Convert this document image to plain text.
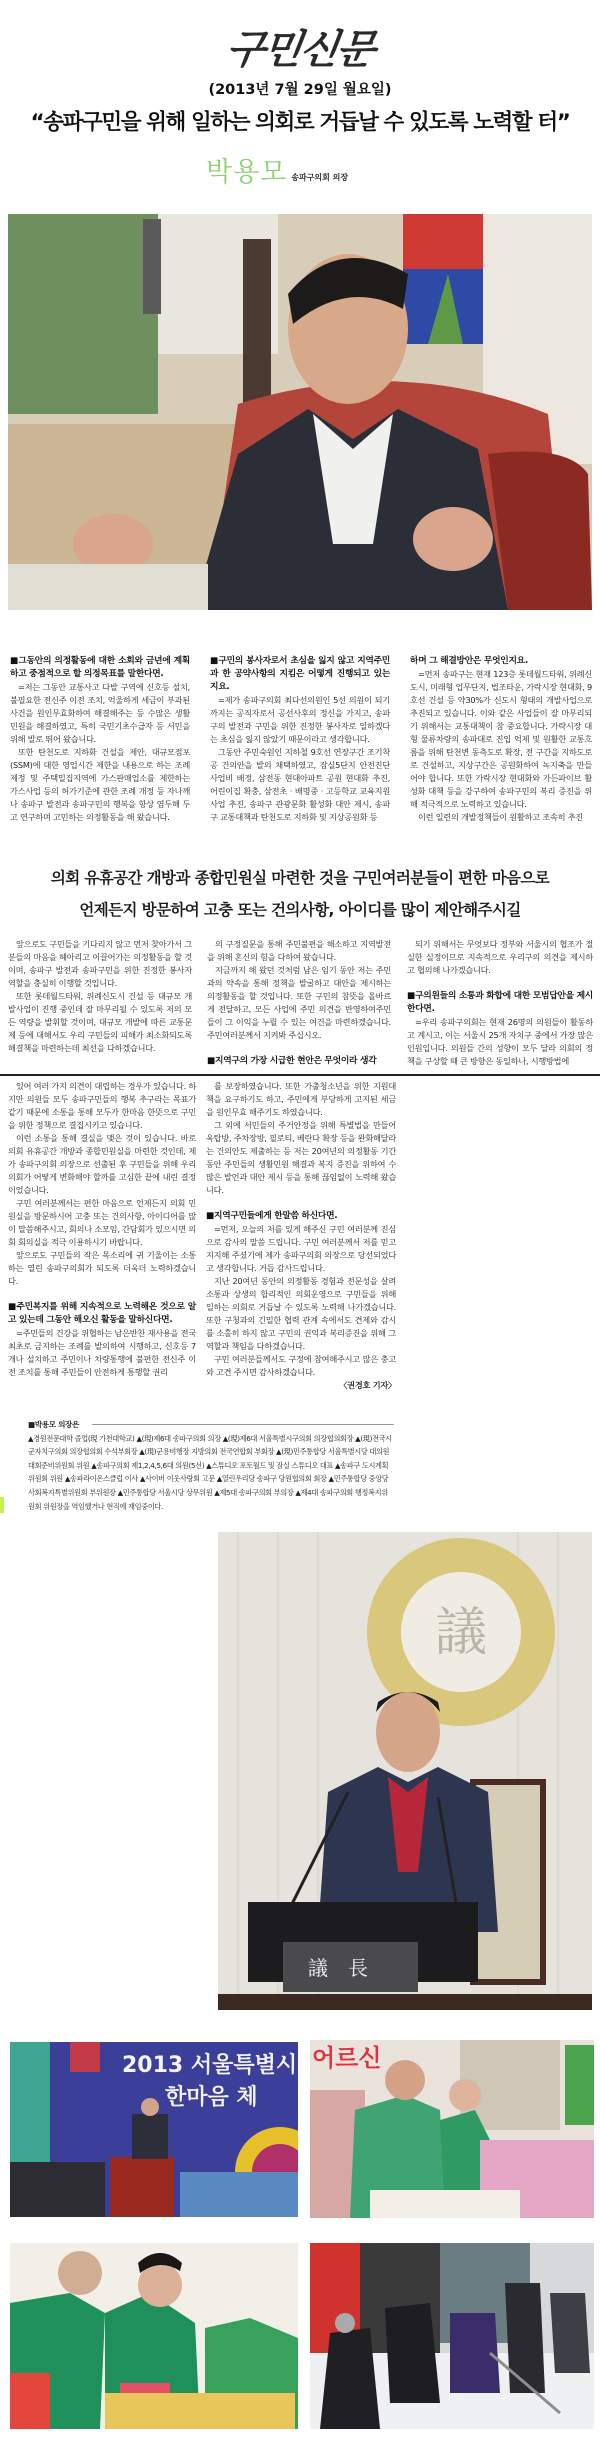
구민신문
(2013년 7월 29일 월요일)
“송파구민을 위해 일하는 의회로 거듭날 수 있도록 노력할 터”
박용모 송파구의회 의장
■그동안의 의정활동에 대한 소회와 금년에 계획하고 중점적으로 할 의정목표를 말한다면.

=저는 그동안 교통사고 다발 구역에 신호등 설치, 불필요한 전신주 이전 조치, 억울하게 세금이 부과된 사건을 원인무효화하여 해결해주는 등 수많은 생활민원을 해결하였고, 특히 국민기초수급자 등 서민을 위해 발로 뛰어 왔습니다.

또한 탄천도로 지하화 건설을 제안, 대규모점포(SSM)에 대한 영업시간 제한을 내용으로 하는 조례제정 및 주택밀집지역에 가스판매업소를 제한하는 가스사업 등의 허가기준에 관한 조례 개정 등 자나깨나 송파구 발전과 송파구민의 행복을 항상 염두해 두고 연구하며 고민하는 의정활동을 해 왔습니다.

■구민의 봉사자로서 초심을 잃지 않고 지역주민과 한 공약사항의 지킴은 어떻게 진행되고 있는지요.

=제가 송파구의회 최다선의원인 5선 의원이 되기까지는 공직자로서 공선사후의 정신을 가지고, 송파구의 발전과 구민을 위한 진정한 봉사자로 일하겠다는 초심을 잃지 않았기 때문이라고 생각합니다.

그동안 주민숙원인 지하철 9호선 연장구간 조기착공 건의안을 발의 채택하였고, 잠실5단지 안전진단 사업비 배정, 삼전동 현대아파트 공원 현대화 추진, 어린이집 확충, 삼전초 · 배명중 · 고등학교 교육지원사업 추진, 송파구 관광문화 활성화 대안 제시, 송파구 교통대책과 탄천도로 지하화 및 지상공원화 등

하며 그 해결방안은 무엇인지요.

=먼저 송파구는 현재 123층 롯데월드타워, 위례신도시, 미래형 업무단지, 법조타운, 가락시장 현대화, 9호선 건설 등 약30%가 신도시 형태의 개발사업으로 추진되고 있습니다. 이와 같은 사업들이 잘 마무리되기 위해서는 교통대책이 참 중요합니다. 가락시장 대형 물류차량의 송파대로 진입 억제 및 원활한 교통흐름을 위해 탄천변 동측도로 확장, 전 구간을 지하도로로 건설하고, 지상구간은 공원화하여 녹지축을 만들어야 합니다. 또한 가락시장 현대화와 가든파이브 활성화 대책 등을 강구하여 송파구민의 복리 증진을 위해 적극적으로 노력하고 있습니다.

이런 일련의 개발정책들이 원활하고 조속히 추진

의회 유휴공간 개방과 종합민원실 마련한 것을 구민여러분들이 편한 마음으로
언제든지 방문하여 고충 또는 건의사항, 아이디를 많이 제안해주시길

앞으로도 구민들을 기다리지 않고 먼저 찾아가서 그분들의 마음을 헤아리고 이끌어가는 의정활동을 할 것이며, 송파구 발전과 송파구민을 위한 진정한 봉사자 역할을 충실히 이행할 것입니다.

또한 롯데월드타워, 위례신도시 건설 등 대규모 개발사업이 진행 중인데 잘 마무리될 수 있도록 저의 모든 역량을 발휘할 것이며, 대규모 개발에 따른 교통문제 등에 대해서도 우리 구민들의 피해가 최소화되도록 해결책을 마련하는데 최선을 다하겠습니다.

의 구정질문을 통해 주민불편을 해소하고 지역발전을 위해 혼신의 힘을 다하여 왔습니다.

지금까지 해 왔던 것처럼 남은 임기 동안 저는 주민과의 약속을 통해 정책을 발굴하고 대안을 제시하는 의정활동을 할 것입니다. 또한 구민의 참뜻을 올바르게 전달하고, 모든 사업에 주민 의견을 반영하여주민들이 그 이익을 누릴 수 있는 여건을 마련하겠습니다. 주민여러분께서 지켜봐 주십시오.

■지역구의 가장 시급한 현안은 무엇이라 생각

되기 위해서는 무엇보다 정부와 서울시의 협조가 절실한 실정이므로 지속적으로 우리구의 의견을 제시하고 협의해 나가겠습니다.

■구의원들의 소통과 화합에 대한 모범답안을 제시한다면.

=우리 송파구의회는 현재 26명의 의원들이 활동하고 계시고, 이는 서울시 25개 자치구 중에서 가장 많은 인원입니다. 의원들 간의 성향이 모두 달라 의회의 정책을 구상할 때 큰 방향은 동일하나, 시행방법에

있어 여러 가지 의견이 대립하는 경우가 있습니다. 하지만 의원들 모두 송파구민들의 행복 추구라는 목표가 같기 때문에 소통을 통해 모두가 한마음 한뜻으로 구민을 위한 정책으로 결집시키고 있습니다.

이런 소통을 통해 결실을 맺은 것이 있습니다. 바로 의회 유휴공간 개방과 종합민원실을 마련한 것인데, 제가 송파구의회 의장으로 선출된 후 구민들을 위해 우리 의회가 어떻게 변화해야 할까를 고심한 끝에 내린 결정이었습니다.

구민 여러분께서는 편한 마음으로 언제든지 의회 민원실을 방문하시어 고충 또는 건의사항, 아이디어를 많이 말씀해주시고, 회의나 소모임, 간담회가 있으시면 의회 회의실을 적극 이용하시기 바랍니다.

앞으로도 구민들의 작은 목소리에 귀 기울이는 소통하는 열린 송파구의회가 되도록 더욱더 노력하겠습니다.

■주민복지를 위해 지속적으로 노력해온 것으로 알고 있는데 그동안 해오신 활동을 말하신다면.

=주민들의 건강을 위협하는 남은반찬 재사용을 전국 최초로 금지하는 조례를 발의하여 시행하고, 신호등 7개나 설치하고 주민이나 차량통행에 불편한 전신주 이전 조치를 통해 주민들이 안전하게 통행할 권리

를 보장하였습니다. 또한 가출청소년을 위한 지원대책을 요구하기도 하고, 주민에게 부당하게 고지된 세금을 원인무효 해주기도 하였습니다.

그 외에 서민들의 주거안정을 위해 특별법을 만들어 옥탑방, 주차장방, 필로티, 베란다 확장 등을 완화해달라는 건의안도 제출하는 등 저는 20여년의 의정활동 기간 동안 주민들의 생활민원 해결과 복지 증진을 위하여 수많은 발언과 대안 제시 등을 통해 끊임없이 노력해 왔습니다.

■지역구민들에게 한말씀 하신다면.

=먼저, 오늘의 저를 있게 해주신 구민 여러분께 진심으로 감사의 말씀 드립니다. 구민 여러분께서 저를 믿고 지지해 주셨기에 제가 송파구의회 의장으로 당선되었다고 생각합니다. 거듭 감사드립니다.

지난 20여년 동안의 의정활동 경험과 전문성을 살려 소통과 상생의 합리적인 의회운영으로 구민들을 위해 일하는 의회로 거듭날 수 있도록 노력해 나가겠습니다. 또한 구청과의 긴밀한 협력 관계 속에서도 견제와 감시를 소홀히 하지 않고 구민의 권익과 복리증진을 위해 그 역할과 책임을 다하겠습니다.

구민 여러분들께서도 구정에 참여해주시고 많은 충고와 고견 주시면 감사하겠습니다.

〈권경호 기자〉
■박용모 의장은
▲경원전문대학 졸업(現 가천대학교) ▲(現)제6대 송파구의회 의장 ▲(現)제6대 서울특별시구의회 의장협의회장 ▲(現)전국시군자치구의회 의장협의회 수석부회장 ▲(現)군용비행장 지방의회 전국연합회 부회장 ▲(現)민주통합당 서울특별시당 대의원 대회준비위원회 위원 ▲송파구의회 제1,2,4,5,6대 의원(5선) ▲스튜디오 포토월드 및 잠실 스튜디오 대표 ▲송파구 도시계획위원회 위원 ▲송파라이온스클럽 이사 ▲사이버 이웃사랑회 고문 ▲열린우리당 송파구 당원협의회 회장 ▲민주통합당 중앙당 사회복지특별위원회 부위원장 ▲민주통합당 서울시당 상무위원 ▲제5대 송파구의회 부의장 ▲제4대 송파구의회 행정복지위원회 위원장을 역임했거나 현직에 재임중이다.
議
議　長
2013 서울특별시
한마음 체
어르신
